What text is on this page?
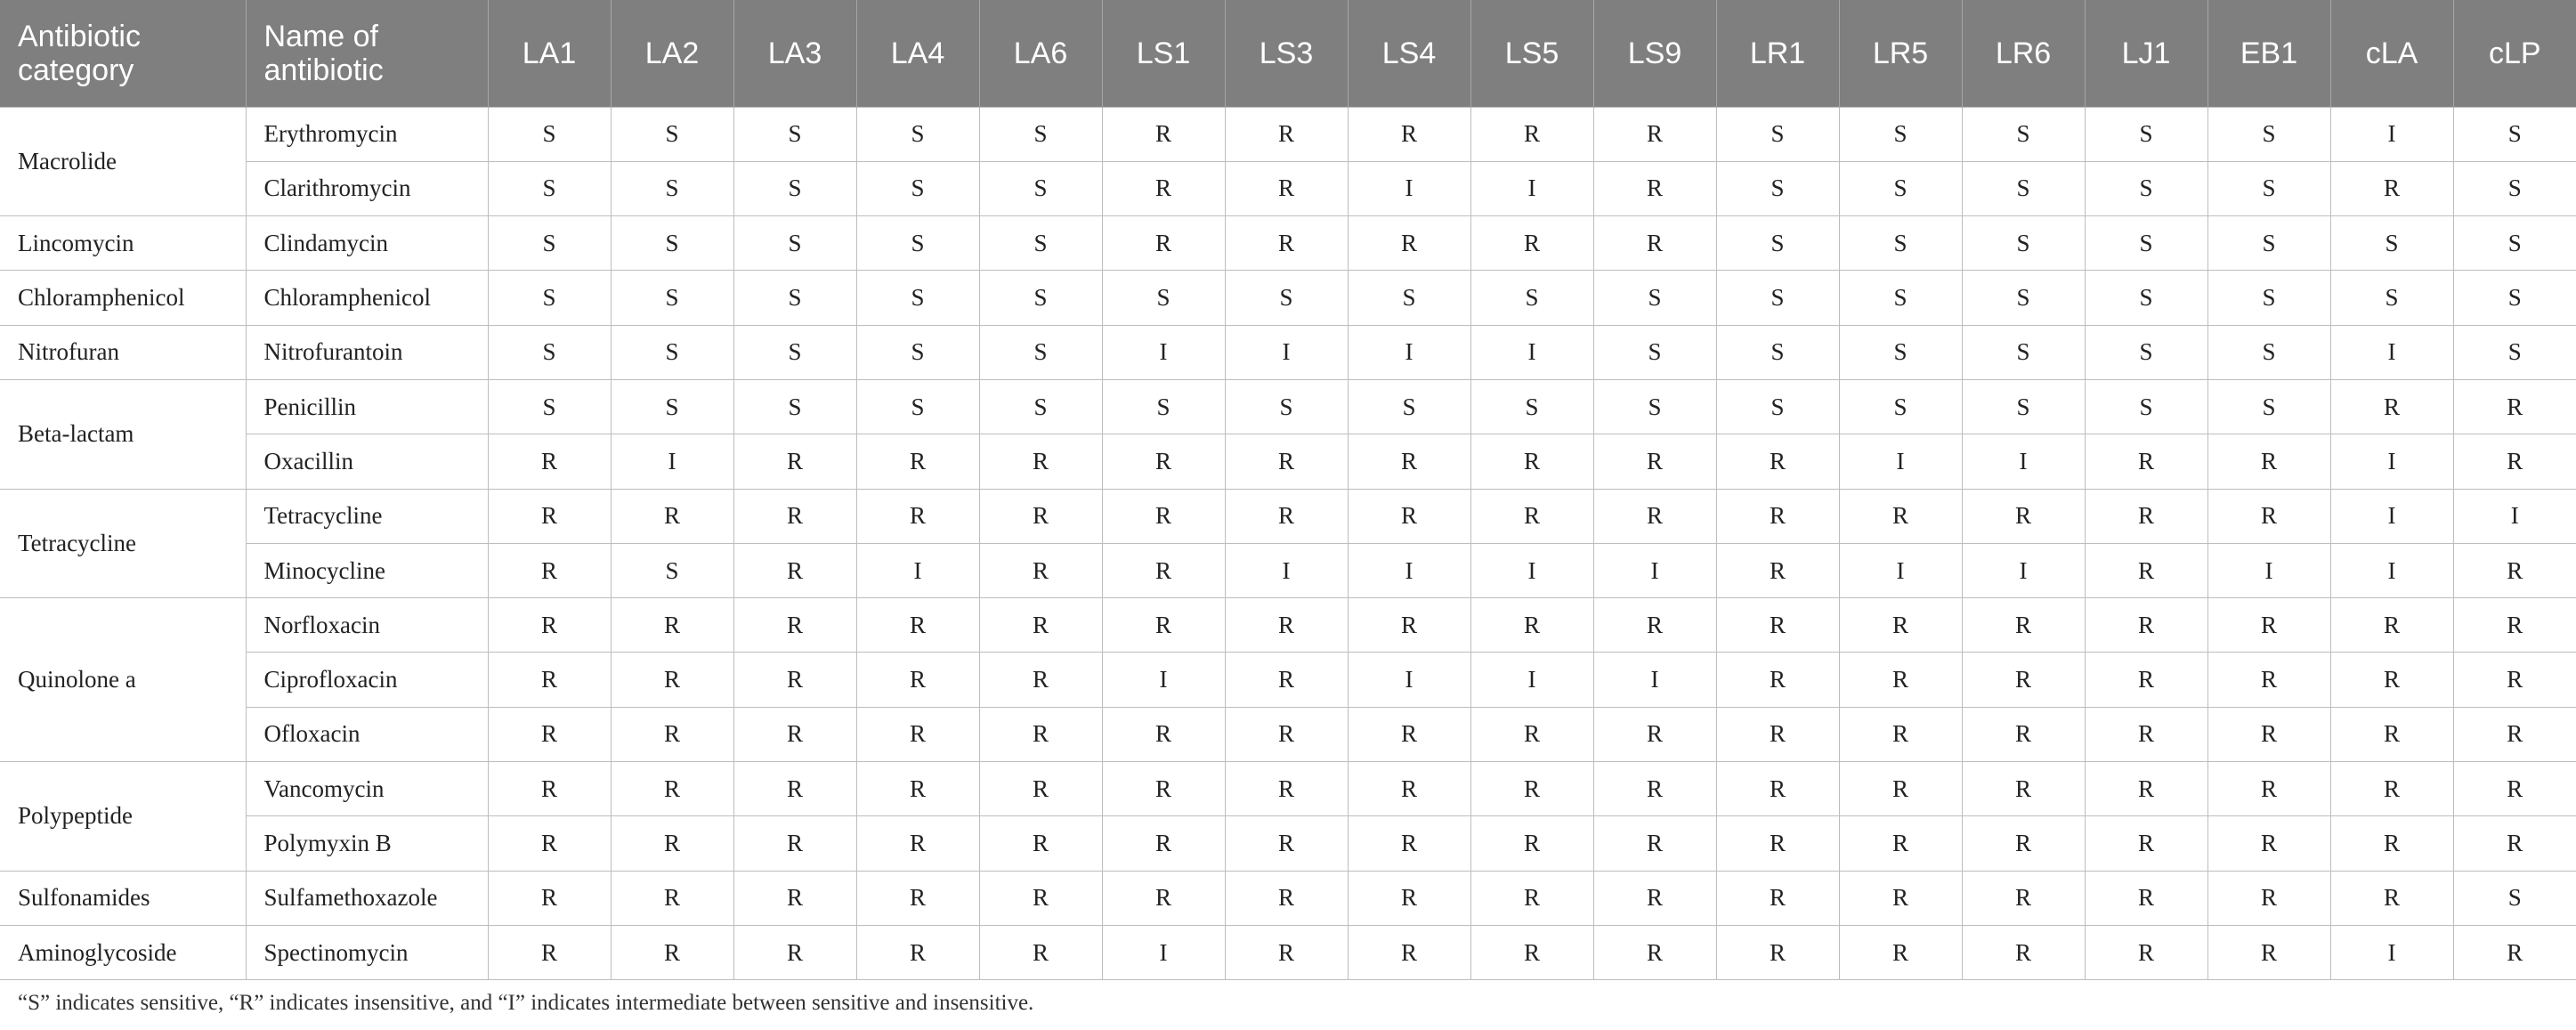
Antibiotic category	Name of antibiotic	LA1	LA2	LA3	LA4	LA6	LS1	LS3	LS4	LS5	LS9	LR1	LR5	LR6	LJ1	EB1	cLA	cLP
Macrolide	Erythromycin	S	S	S	S	S	R	R	R	R	R	S	S	S	S	S	I	S
	Clarithromycin	S	S	S	S	S	R	R	I	I	R	S	S	S	S	S	R	S
Lincomycin	Clindamycin	S	S	S	S	S	R	R	R	R	R	S	S	S	S	S	S	S
Chloramphenicol	Chloramphenicol	S	S	S	S	S	S	S	S	S	S	S	S	S	S	S	S	S
Nitrofuran	Nitrofurantoin	S	S	S	S	S	I	I	I	I	S	S	S	S	S	S	I	S
Beta-lactam	Penicillin	S	S	S	S	S	S	S	S	S	S	S	S	S	S	S	R	R
	Oxacillin	R	I	R	R	R	R	R	R	R	R	R	I	I	R	R	I	R
Tetracycline	Tetracycline	R	R	R	R	R	R	R	R	R	R	R	R	R	R	R	I	I
	Minocycline	R	S	R	I	R	R	I	I	I	I	R	I	I	R	I	I	R
Quinolone a	Norfloxacin	R	R	R	R	R	R	R	R	R	R	R	R	R	R	R	R	R
	Ciprofloxacin	R	R	R	R	R	I	R	I	I	I	R	R	R	R	R	R	R
	Ofloxacin	R	R	R	R	R	R	R	R	R	R	R	R	R	R	R	R	R
Polypeptide	Vancomycin	R	R	R	R	R	R	R	R	R	R	R	R	R	R	R	R	R
	Polymyxin B	R	R	R	R	R	R	R	R	R	R	R	R	R	R	R	R	R
Sulfonamides	Sulfamethoxazole	R	R	R	R	R	R	R	R	R	R	R	R	R	R	R	R	S
Aminoglycoside	Spectinomycin	R	R	R	R	R	I	R	R	R	R	R	R	R	R	R	I	R
“S” indicates sensitive, “R” indicates insensitive, and “I” indicates intermediate between sensitive and insensitive.
